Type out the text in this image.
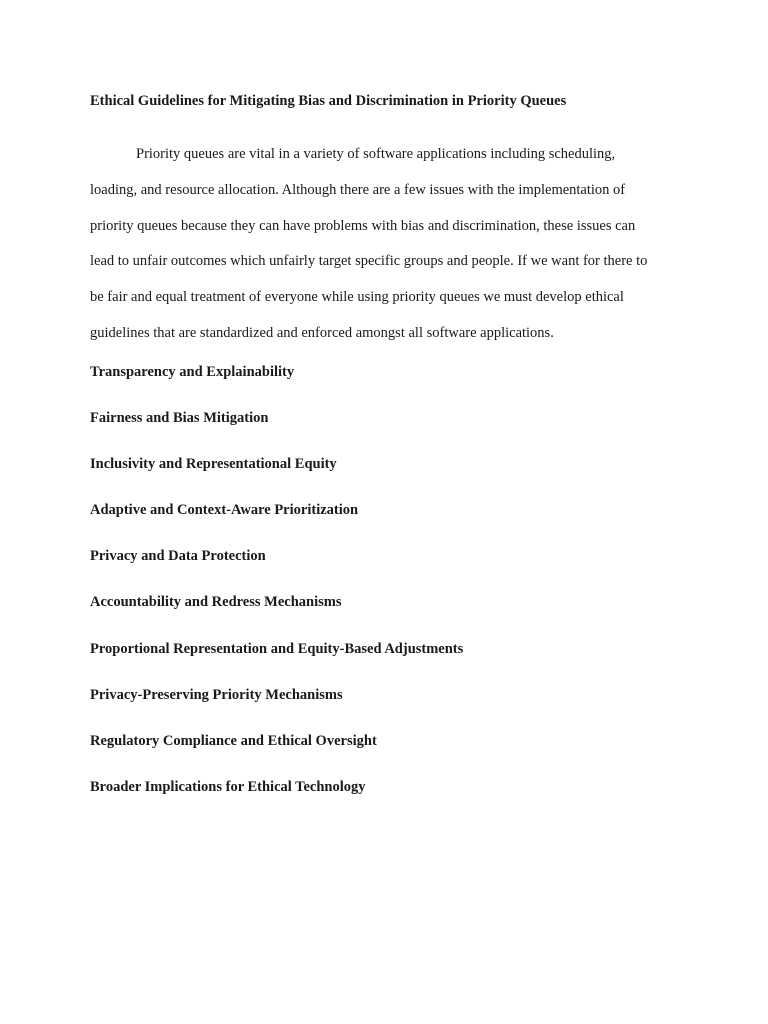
Ethical Guidelines for Mitigating Bias and Discrimination in Priority Queues
Priority queues are vital in a variety of software applications including scheduling,
loading, and resource allocation. Although there are a few issues with the implementation of
priority queues because they can have problems with bias and discrimination, these issues can
lead to unfair outcomes which unfairly target specific groups and people. If we want for there to
be fair and equal treatment of everyone while using priority queues we must develop ethical
guidelines that are standardized and enforced amongst all software applications.
Transparency and Explainability
Fairness and Bias Mitigation
Inclusivity and Representational Equity
Adaptive and Context-Aware Prioritization
Privacy and Data Protection
Accountability and Redress Mechanisms
Proportional Representation and Equity-Based Adjustments
Privacy-Preserving Priority Mechanisms
Regulatory Compliance and Ethical Oversight
Broader Implications for Ethical Technology
